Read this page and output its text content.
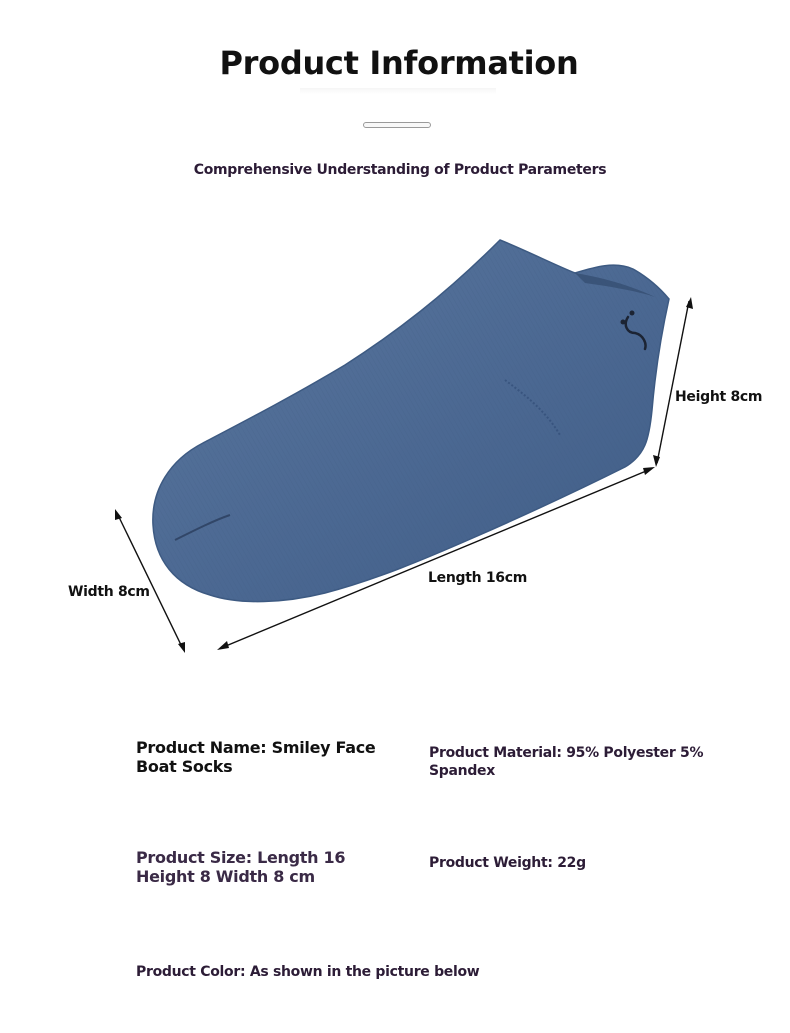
Product Information
Comprehensive Understanding of Product Parameters
Height 8cm
Width 8cm
Length 16cm
Product Name: Smiley Face Boat Socks
Product Material: 95% Polyester 5% Spandex
Product Size: Length 16 Height 8 Width 8 cm
Product Weight: 22g
Product Color: As shown in the picture below
